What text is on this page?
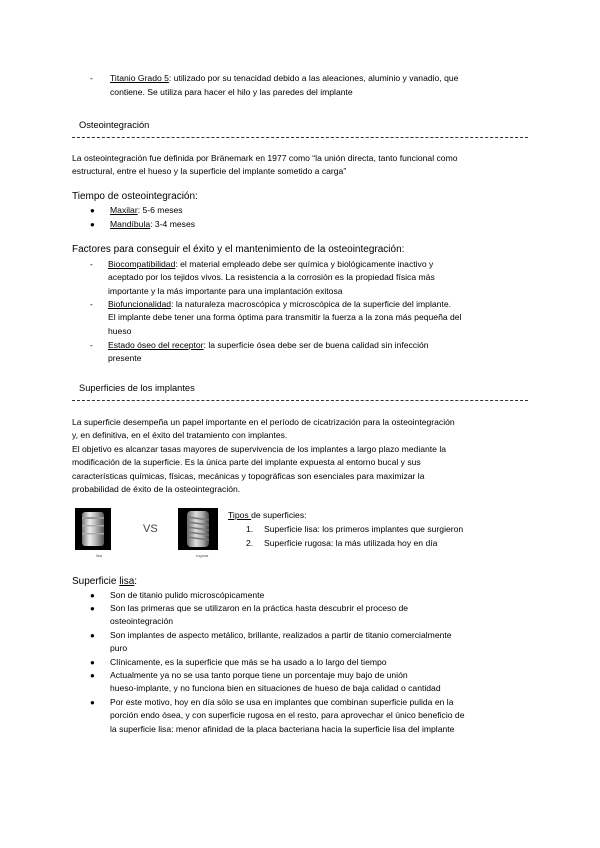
- Titanio Grado 5: utilizado por su tenacidad debido a las aleaciones, aluminio y vanadio, que
contiene. Se utiliza para hacer el hilo y las paredes del implante
Osteointegración
La osteointegración fue definida por Bränemark en 1977 como “la unión directa, tanto funcional como
estructural, entre el hueso y la superficie del implante sometido a carga”
Tiempo de osteointegración:
● Maxilar: 5-6 meses
● Mandíbula: 3-4 meses
Factores para conseguir el éxito y el mantenimiento de la osteointegración:
- Biocompatibilidad: el material empleado debe ser química y biológicamente inactivo y
aceptado por los tejidos vivos. La resistencia a la corrosión es la propiedad física más
importante y la más importante para una implantación exitosa
- Biofuncionalidad: la naturaleza macroscópica y microscópica de la superficie del implante.
El implante debe tener una forma óptima para transmitir la fuerza a la zona más pequeña del
hueso
- Estado óseo del receptor: la superficie ósea debe ser de buena calidad sin infección
presente
Superficies de los implantes
La superficie desempeña un papel importante en el período de cicatrización para la osteointegración
y, en definitiva, en el éxito del tratamiento con implantes.
El objetivo es alcanzar tasas mayores de supervivencia de los implantes a largo plazo mediante la
modificación de la superficie. Es la única parte del implante expuesta al entorno bucal y sus
características químicas, físicas, mecánicas y topográficas son esenciales para maximizar la
probabilidad de éxito de la osteointegración.
lisa
VS
rugosa
Tipos de superficies:
1. Superficie lisa: los primeros implantes que surgieron
2. Superficie rugosa: la más utilizada hoy en día
Superficie lisa:
● Son de titanio pulido microscópicamente
● Son las primeras que se utilizaron en la práctica hasta descubrir el proceso de
osteointegración
● Son implantes de aspecto metálico, brillante, realizados a partir de titanio comercialmente
puro
● Clínicamente, es la superficie que más se ha usado a lo largo del tiempo
● Actualmente ya no se usa tanto porque tiene un porcentaje muy bajo de unión
hueso-implante, y no funciona bien en situaciones de hueso de baja calidad o cantidad
● Por este motivo, hoy en día sólo se usa en implantes que combinan superficie pulida en la
porción endo ósea, y con superficie rugosa en el resto, para aprovechar el único beneficio de
la superficie lisa: menor afinidad de la placa bacteriana hacia la superficie lisa del implante
